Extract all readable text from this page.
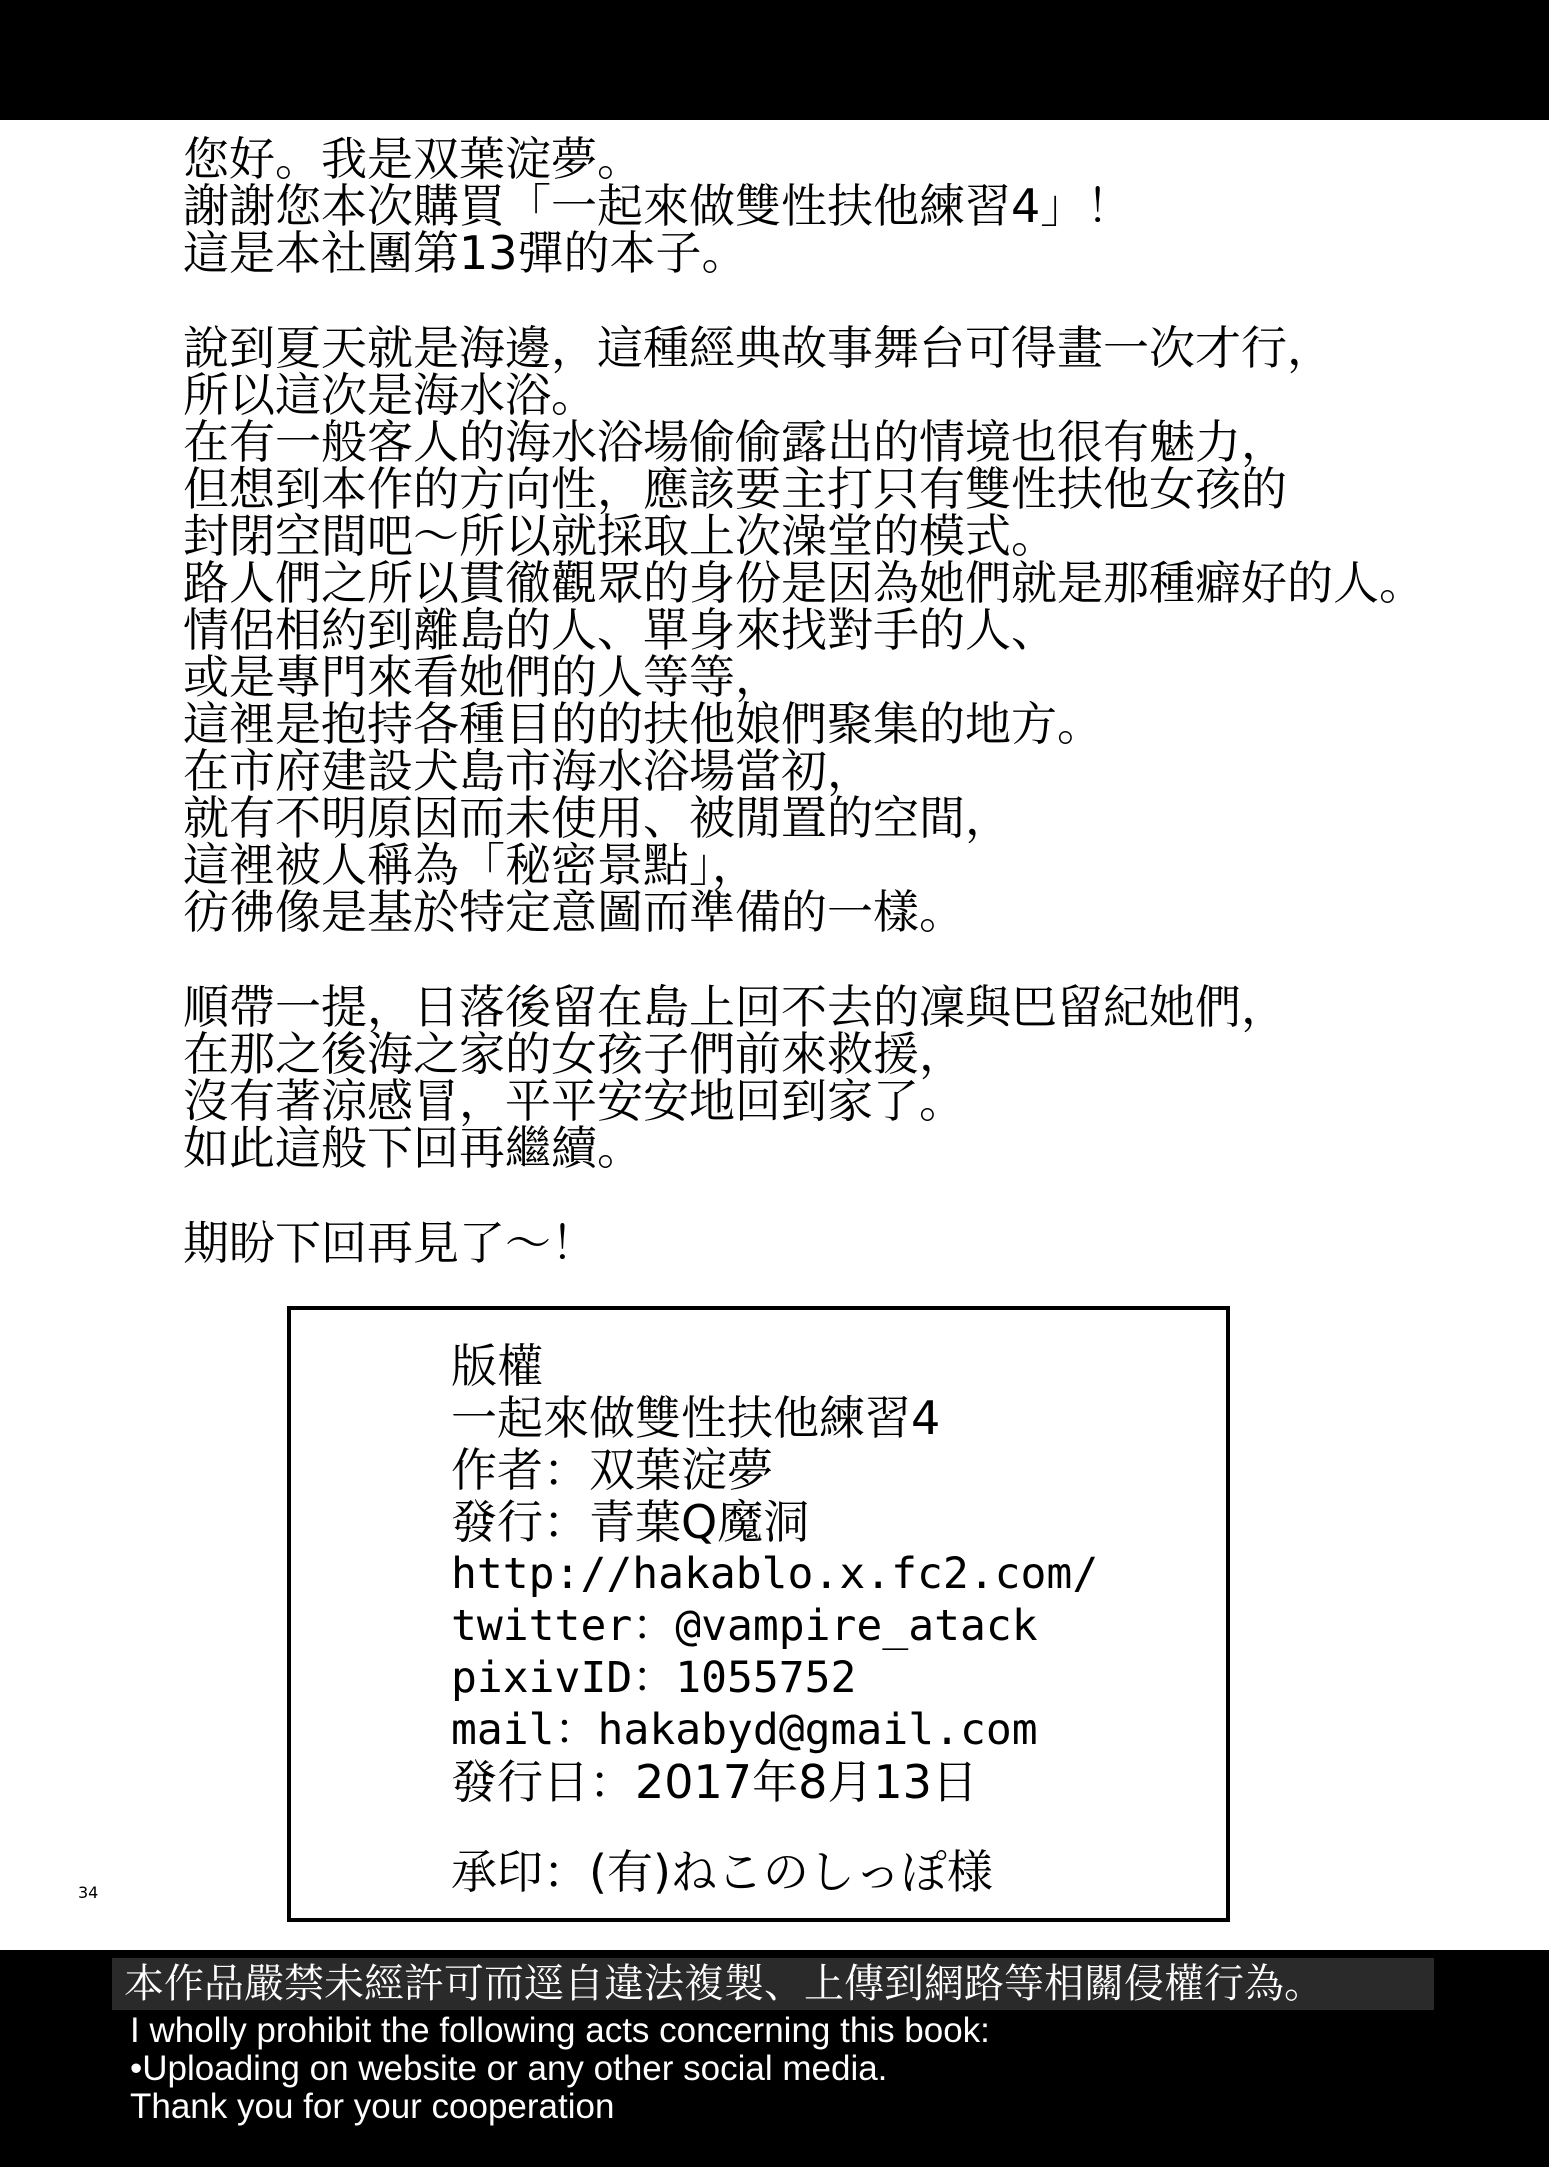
您好。我是双葉淀夢。
謝謝您本次購買「一起來做雙性扶他練習4」！
這是本社團第13彈的本子。
說到夏天就是海邊，這種經典故事舞台可得畫一次才行，
所以這次是海水浴。
在有一般客人的海水浴場偷偷露出的情境也很有魅力，
但想到本作的方向性，應該要主打只有雙性扶他女孩的
封閉空間吧～所以就採取上次澡堂的模式。
路人們之所以貫徹觀眾的身份是因為她們就是那種癖好的人。
情侶相約到離島的人、單身來找對手的人、
或是專門來看她們的人等等，
這裡是抱持各種目的的扶他娘們聚集的地方。
在市府建設犬島市海水浴場當初，
就有不明原因而未使用、被閒置的空間，
這裡被人稱為「秘密景點」，
彷彿像是基於特定意圖而準備的一樣。
順帶一提，日落後留在島上回不去的凜與巴留紀她們，
在那之後海之家的女孩子們前來救援，
沒有著涼感冒，平平安安地回到家了。
如此這般下回再繼續。
期盼下回再見了～！
版權
一起來做雙性扶他練習4
作者：双葉淀夢
發行：青葉Q魔洞
http://hakablo.x.fc2.com/
twitter：@vampire_atack
pixivID：1055752
mail：hakabyd@gmail.com
發行日：2017年8月13日
承印：(有)ねこのしっぽ様
34
本作品嚴禁未經許可而逕自違法複製、上傳到網路等相關侵權行為。
I wholly prohibit the following acts concerning this book:
•Uploading on website or any other social media.
Thank you for your cooperation
